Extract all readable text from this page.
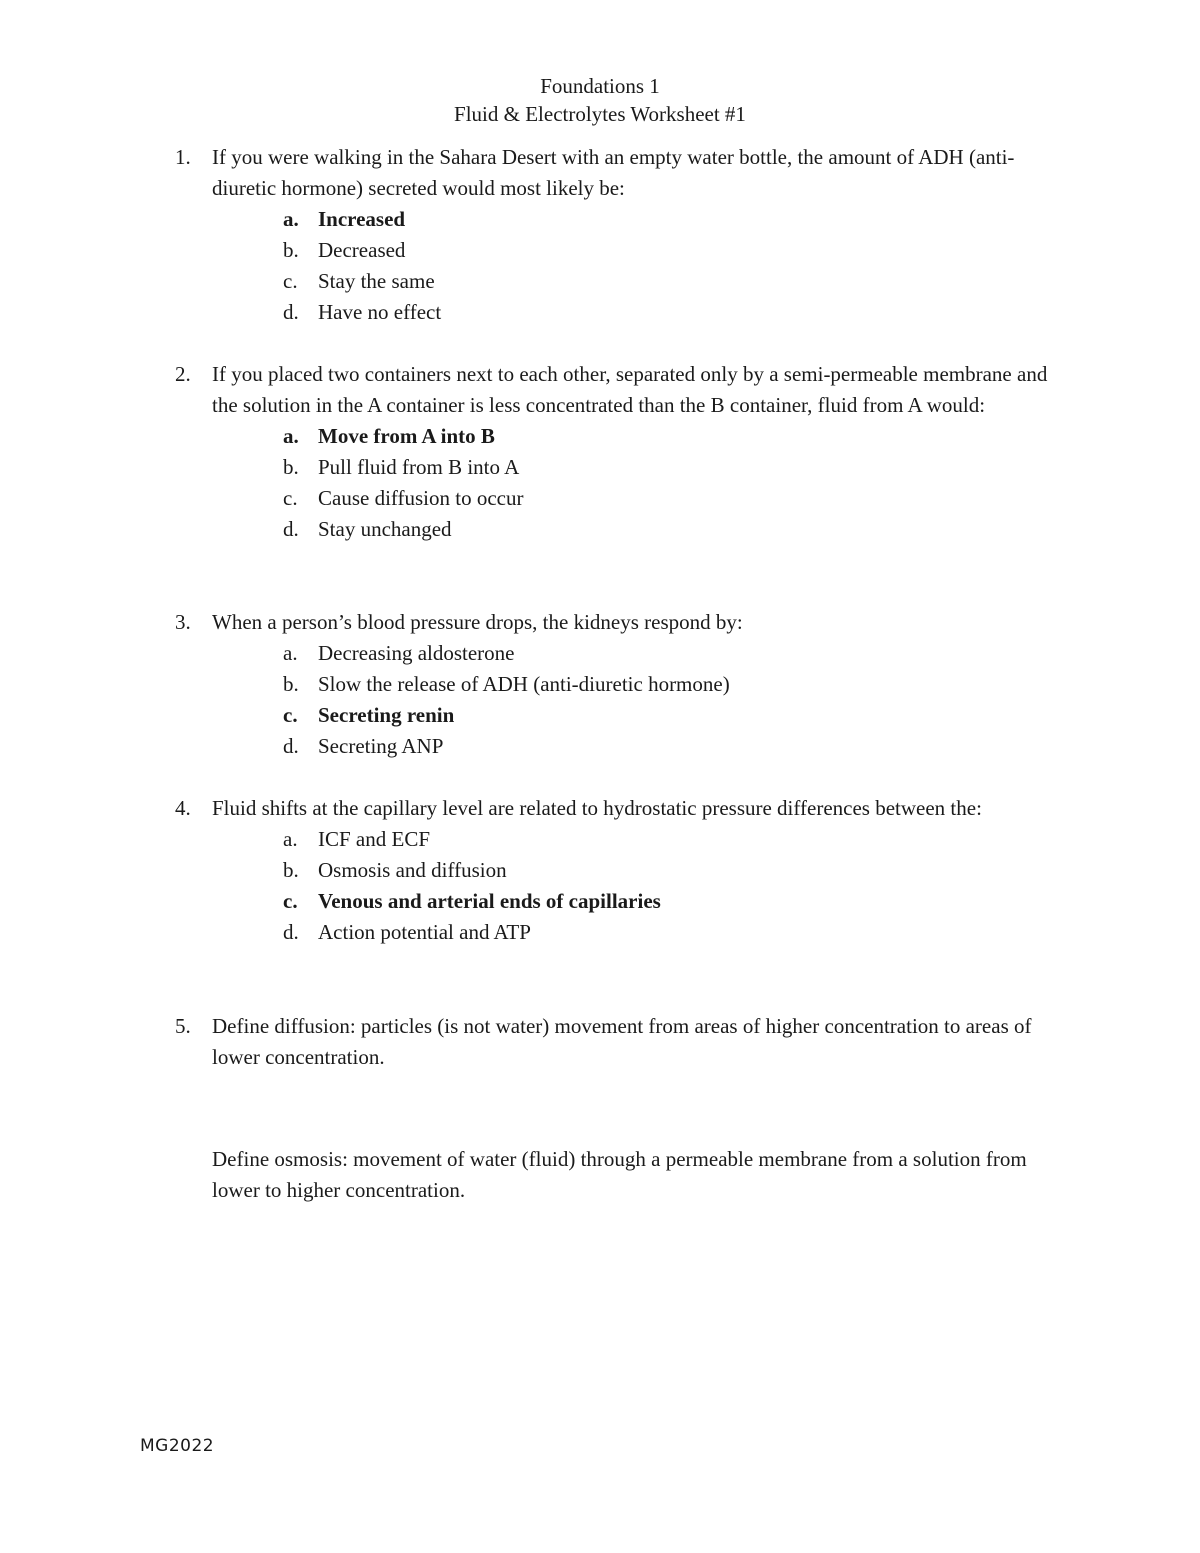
Foundations 1
Fluid & Electrolytes Worksheet #1
1.	If you were walking in the Sahara Desert with an empty water bottle, the amount of ADH (anti-diuretic hormone) secreted would most likely be:
a. Increased
b. Decreased
c. Stay the same
d. Have no effect
2.	If you placed two containers next to each other, separated only by a semi-permeable membrane and the solution in the A container is less concentrated than the B container, fluid from A would:
a. Move from A into B
b. Pull fluid from B into A
c. Cause diffusion to occur
d. Stay unchanged
3.	When a person’s blood pressure drops, the kidneys respond by:
a. Decreasing aldosterone
b. Slow the release of ADH (anti-diuretic hormone)
c. Secreting renin
d. Secreting ANP
4.	Fluid shifts at the capillary level are related to hydrostatic pressure differences between the:
a. ICF and ECF
b. Osmosis and diffusion
c. Venous and arterial ends of capillaries
d. Action potential and ATP
5.	Define diffusion: particles (is not water) movement from areas of higher concentration to areas of lower concentration.
Define osmosis: movement of water (fluid) through a permeable membrane from a solution from lower to higher concentration.
MG2022
